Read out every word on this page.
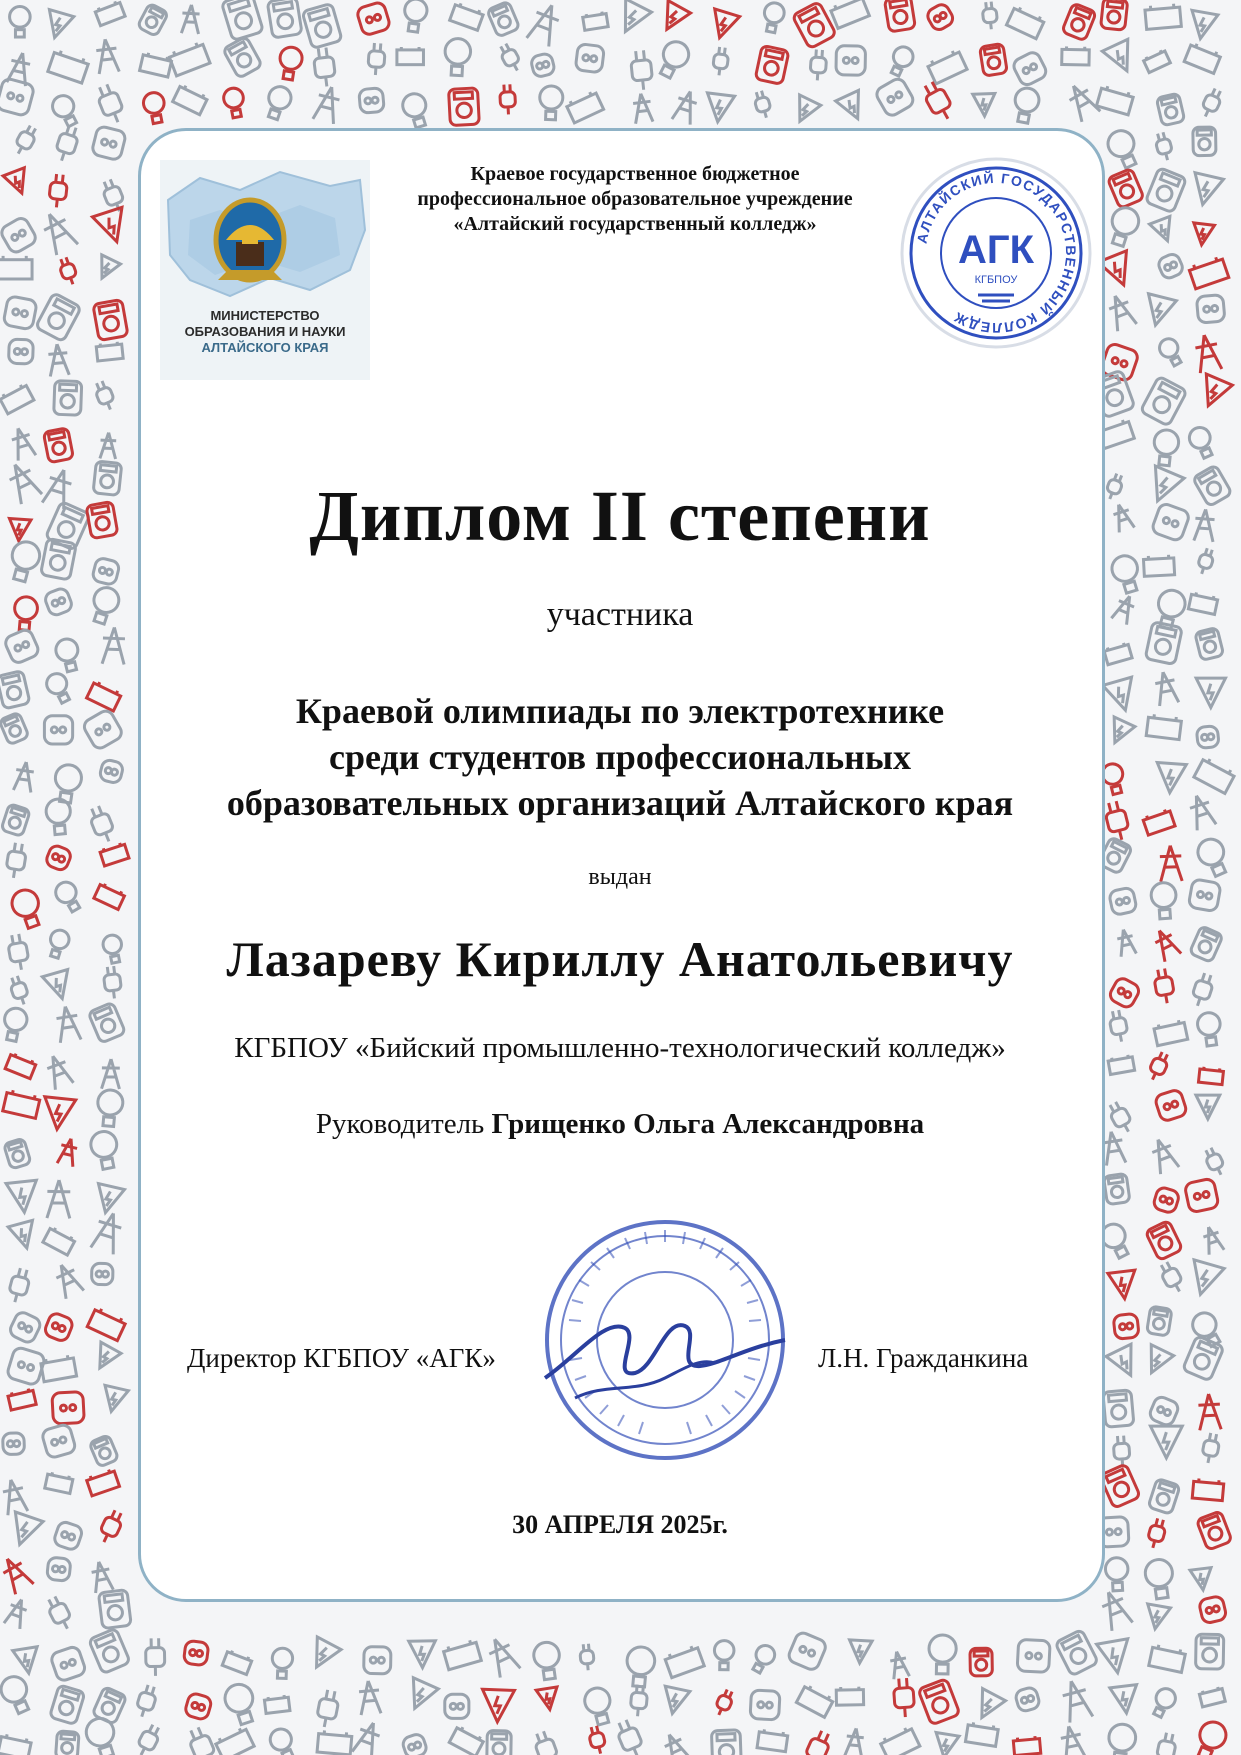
МИНИСТЕРСТВО
ОБРАЗОВАНИЯ И НАУКИ
АЛТАЙСКОГО КРАЯ
Краевое государственное бюджетное
профессиональное образовательное учреждение
«Алтайский государственный колледж»
АЛТАЙСКИЙ ГОСУДАРСТВЕННЫЙ КОЛЛЕДЖ
АГК
КГБПОУ
Диплом II степени
участника
Краевой олимпиады по электротехнике
среди студентов профессиональных
образовательных организаций Алтайского края
выдан
Лазареву Кириллу Анатольевичу
КГБПОУ «Бийский промышленно-технологический колледж»
Руководитель Грищенко Ольга Александровна
Директор КГБПОУ «АГК»	Л.Н. Гражданкина
30 АПРЕЛЯ 2025г.
